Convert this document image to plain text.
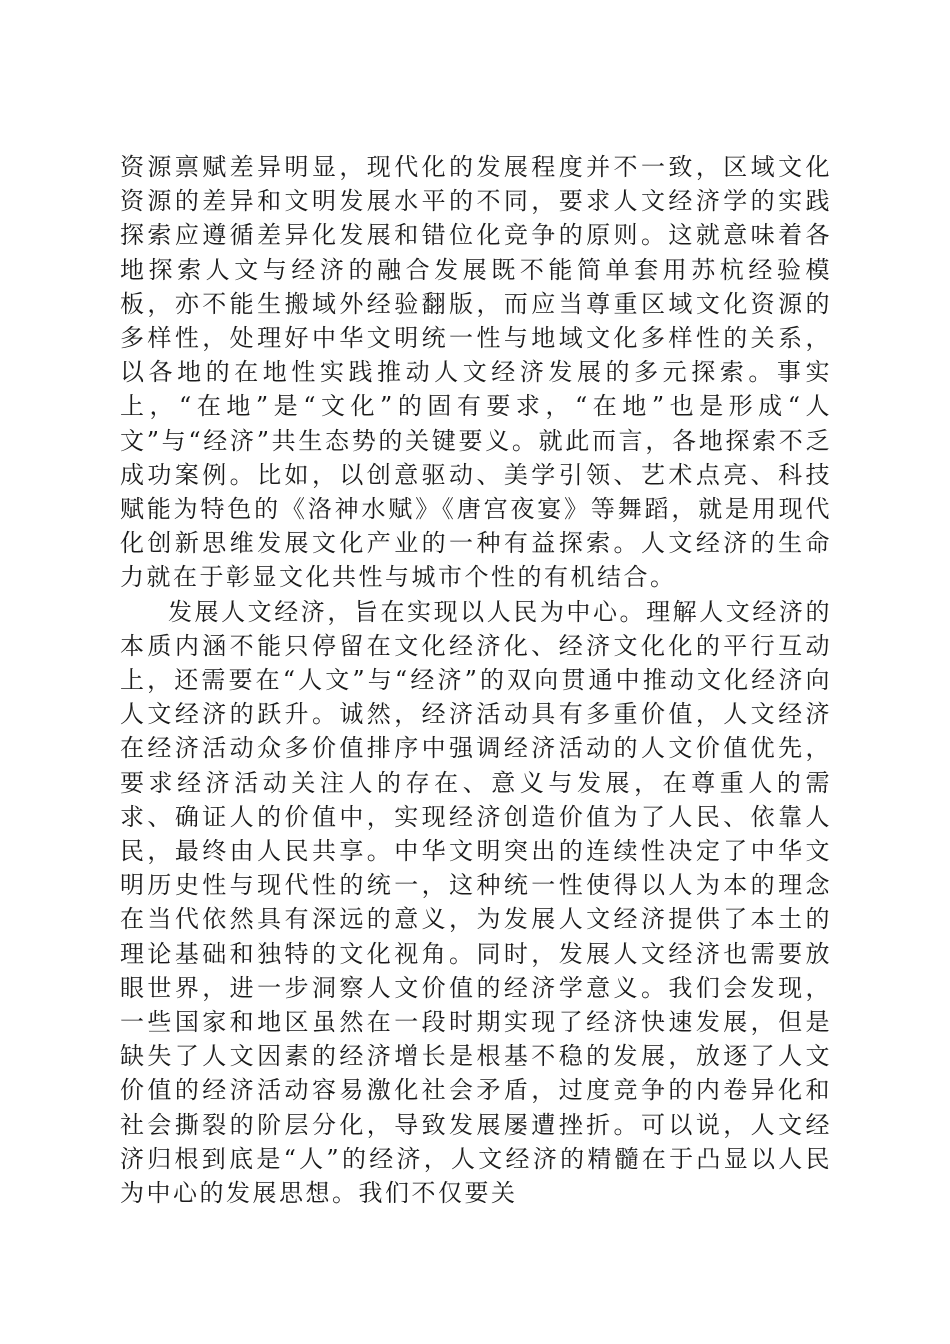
资源禀赋差异明显，现代化的发展程度并不一致，区域文化资源的差异和文明发展水平的不同，要求人文经济学的实践探索应遵循差异化发展和错位化竞争的原则。这就意味着各地探索人文与经济的融合发展既不能简单套用苏杭经验模板，亦不能生搬域外经验翻版，而应当尊重区域文化资源的多样性，处理好中华文明统一性与地域文化多样性的关系，以各地的在地性实践推动人文经济发展的多元探索。事实上，“在地”是“文化”的固有要求，“在地”也是形成“人文”与“经济”共生态势的关键要义。就此而言，各地探索不乏成功案例。比如，以创意驱动、美学引领、艺术点亮、科技赋能为特色的《洛神水赋》《唐宫夜宴》等舞蹈，就是用现代化创新思维发展文化产业的一种有益探索。人文经济的生命力就在于彰显文化共性与城市个性的有机结合。

发展人文经济，旨在实现以人民为中心。理解人文经济的本质内涵不能只停留在文化经济化、经济文化化的平行互动上，还需要在“人文”与“经济”的双向贯通中推动文化经济向人文经济的跃升。诚然，经济活动具有多重价值，人文经济在经济活动众多价值排序中强调经济活动的人文价值优先，要求经济活动关注人的存在、意义与发展，在尊重人的需求、确证人的价值中，实现经济创造价值为了人民、依靠人民，最终由人民共享。中华文明突出的连续性决定了中华文明历史性与现代性的统一，这种统一性使得以人为本的理念在当代依然具有深远的意义，为发展人文经济提供了本土的理论基础和独特的文化视角。同时，发展人文经济也需要放眼世界，进一步洞察人文价值的经济学意义。我们会发现，一些国家和地区虽然在一段时期实现了经济快速发展，但是缺失了人文因素的经济增长是根基不稳的发展，放逐了人文价值的经济活动容易激化社会矛盾，过度竞争的内卷异化和社会撕裂的阶层分化，导致发展屡遭挫折。可以说，人文经济归根到底是“人”的经济，人文经济的精髓在于凸显以人民为中心的发展思想。我们不仅要关
